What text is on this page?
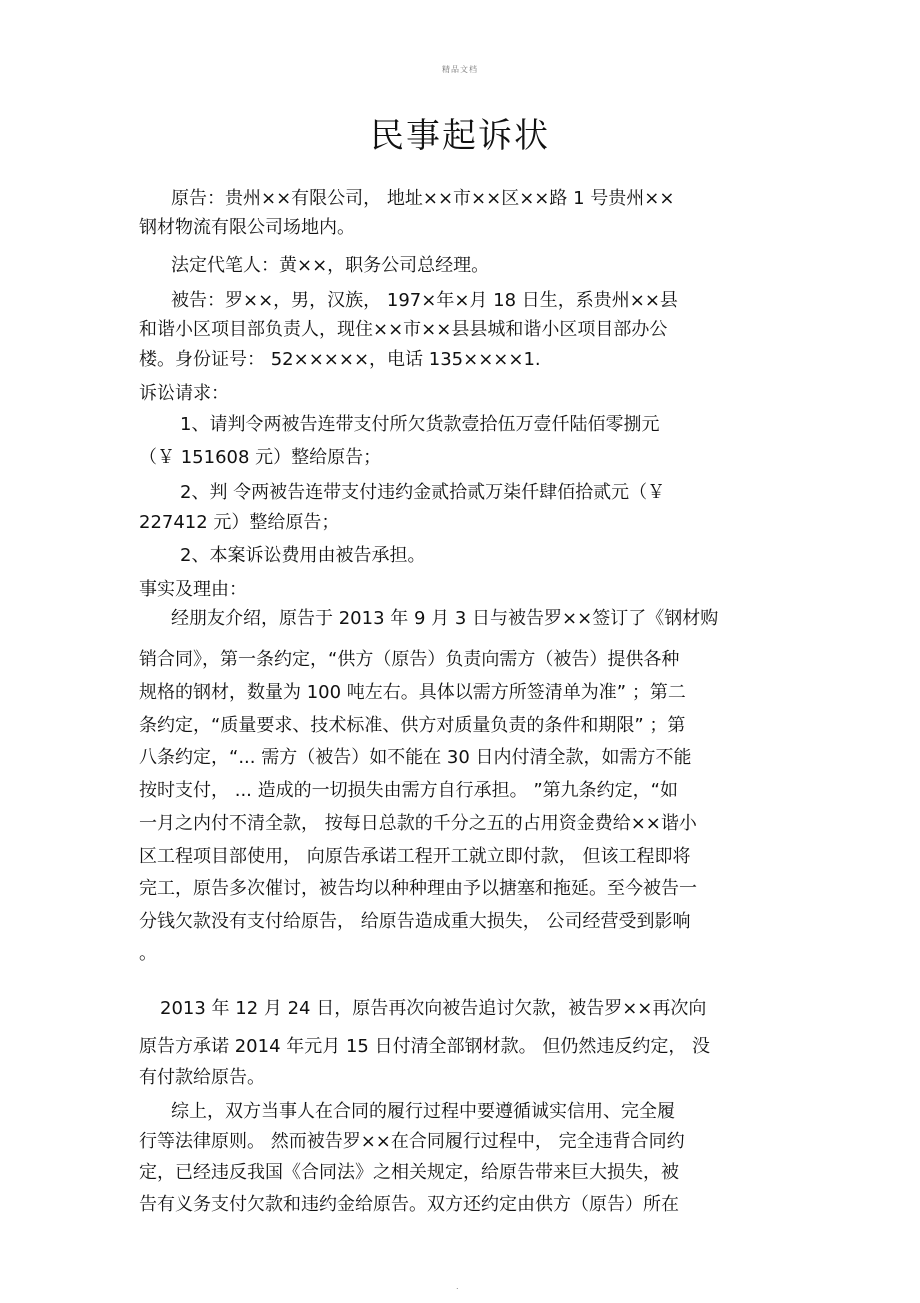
精品文档
民事起诉状
原告：贵州××有限公司， 地址××市××区××路 1 号贵州××
钢材物流有限公司场地内。
法定代笔人：黄××，职务公司总经理。
被告：罗××，男，汉族， 197×年×月 18 日生，系贵州××县
和谐小区项目部负责人，现住××市××县县城和谐小区项目部办公
楼。身份证号： 52×××××，电话 135××××1.
诉讼请求：
1、请判令两被告连带支付所欠货款壹拾伍万壹仟陆佰零捌元
（￥ 151608 元）整给原告；
2、判 令两被告连带支付违约金贰拾贰万柒仟肆佰拾贰元（￥
227412 元）整给原告；
2、本案诉讼费用由被告承担。
事实及理由：
经朋友介绍，原告于 2013 年 9 月 3 日与被告罗××签订了《钢材购
销合同》，第一条约定，“供方（原告）负责向需方（被告）提供各种
规格的钢材，数量为 100 吨左右。具体以需方所签清单为准” ；第二
条约定，“质量要求、技术标准、供方对质量负责的条件和期限” ；第
八条约定，“... 需方（被告）如不能在 30 日内付清全款，如需方不能
按时支付， ... 造成的一切损失由需方自行承担。 ”第九条约定，“如
一月之内付不清全款， 按每日总款的千分之五的占用资金费给××谐小
区工程项目部使用， 向原告承诺工程开工就立即付款， 但该工程即将
完工，原告多次催讨，被告均以种种理由予以搪塞和拖延。至今被告一
分钱欠款没有支付给原告， 给原告造成重大损失， 公司经营受到影响
。
2013 年 12 月 24 日，原告再次向被告追讨欠款，被告罗××再次向
原告方承诺 2014 年元月 15 日付清全部钢材款。 但仍然违反约定， 没
有付款给原告。
综上，双方当事人在合同的履行过程中要遵循诚实信用、完全履
行等法律原则。 然而被告罗××在合同履行过程中， 完全违背合同约
定，已经违反我国《合同法》之相关规定，给原告带来巨大损失，被
告有义务支付欠款和违约金给原告。双方还约定由供方（原告）所在
.
